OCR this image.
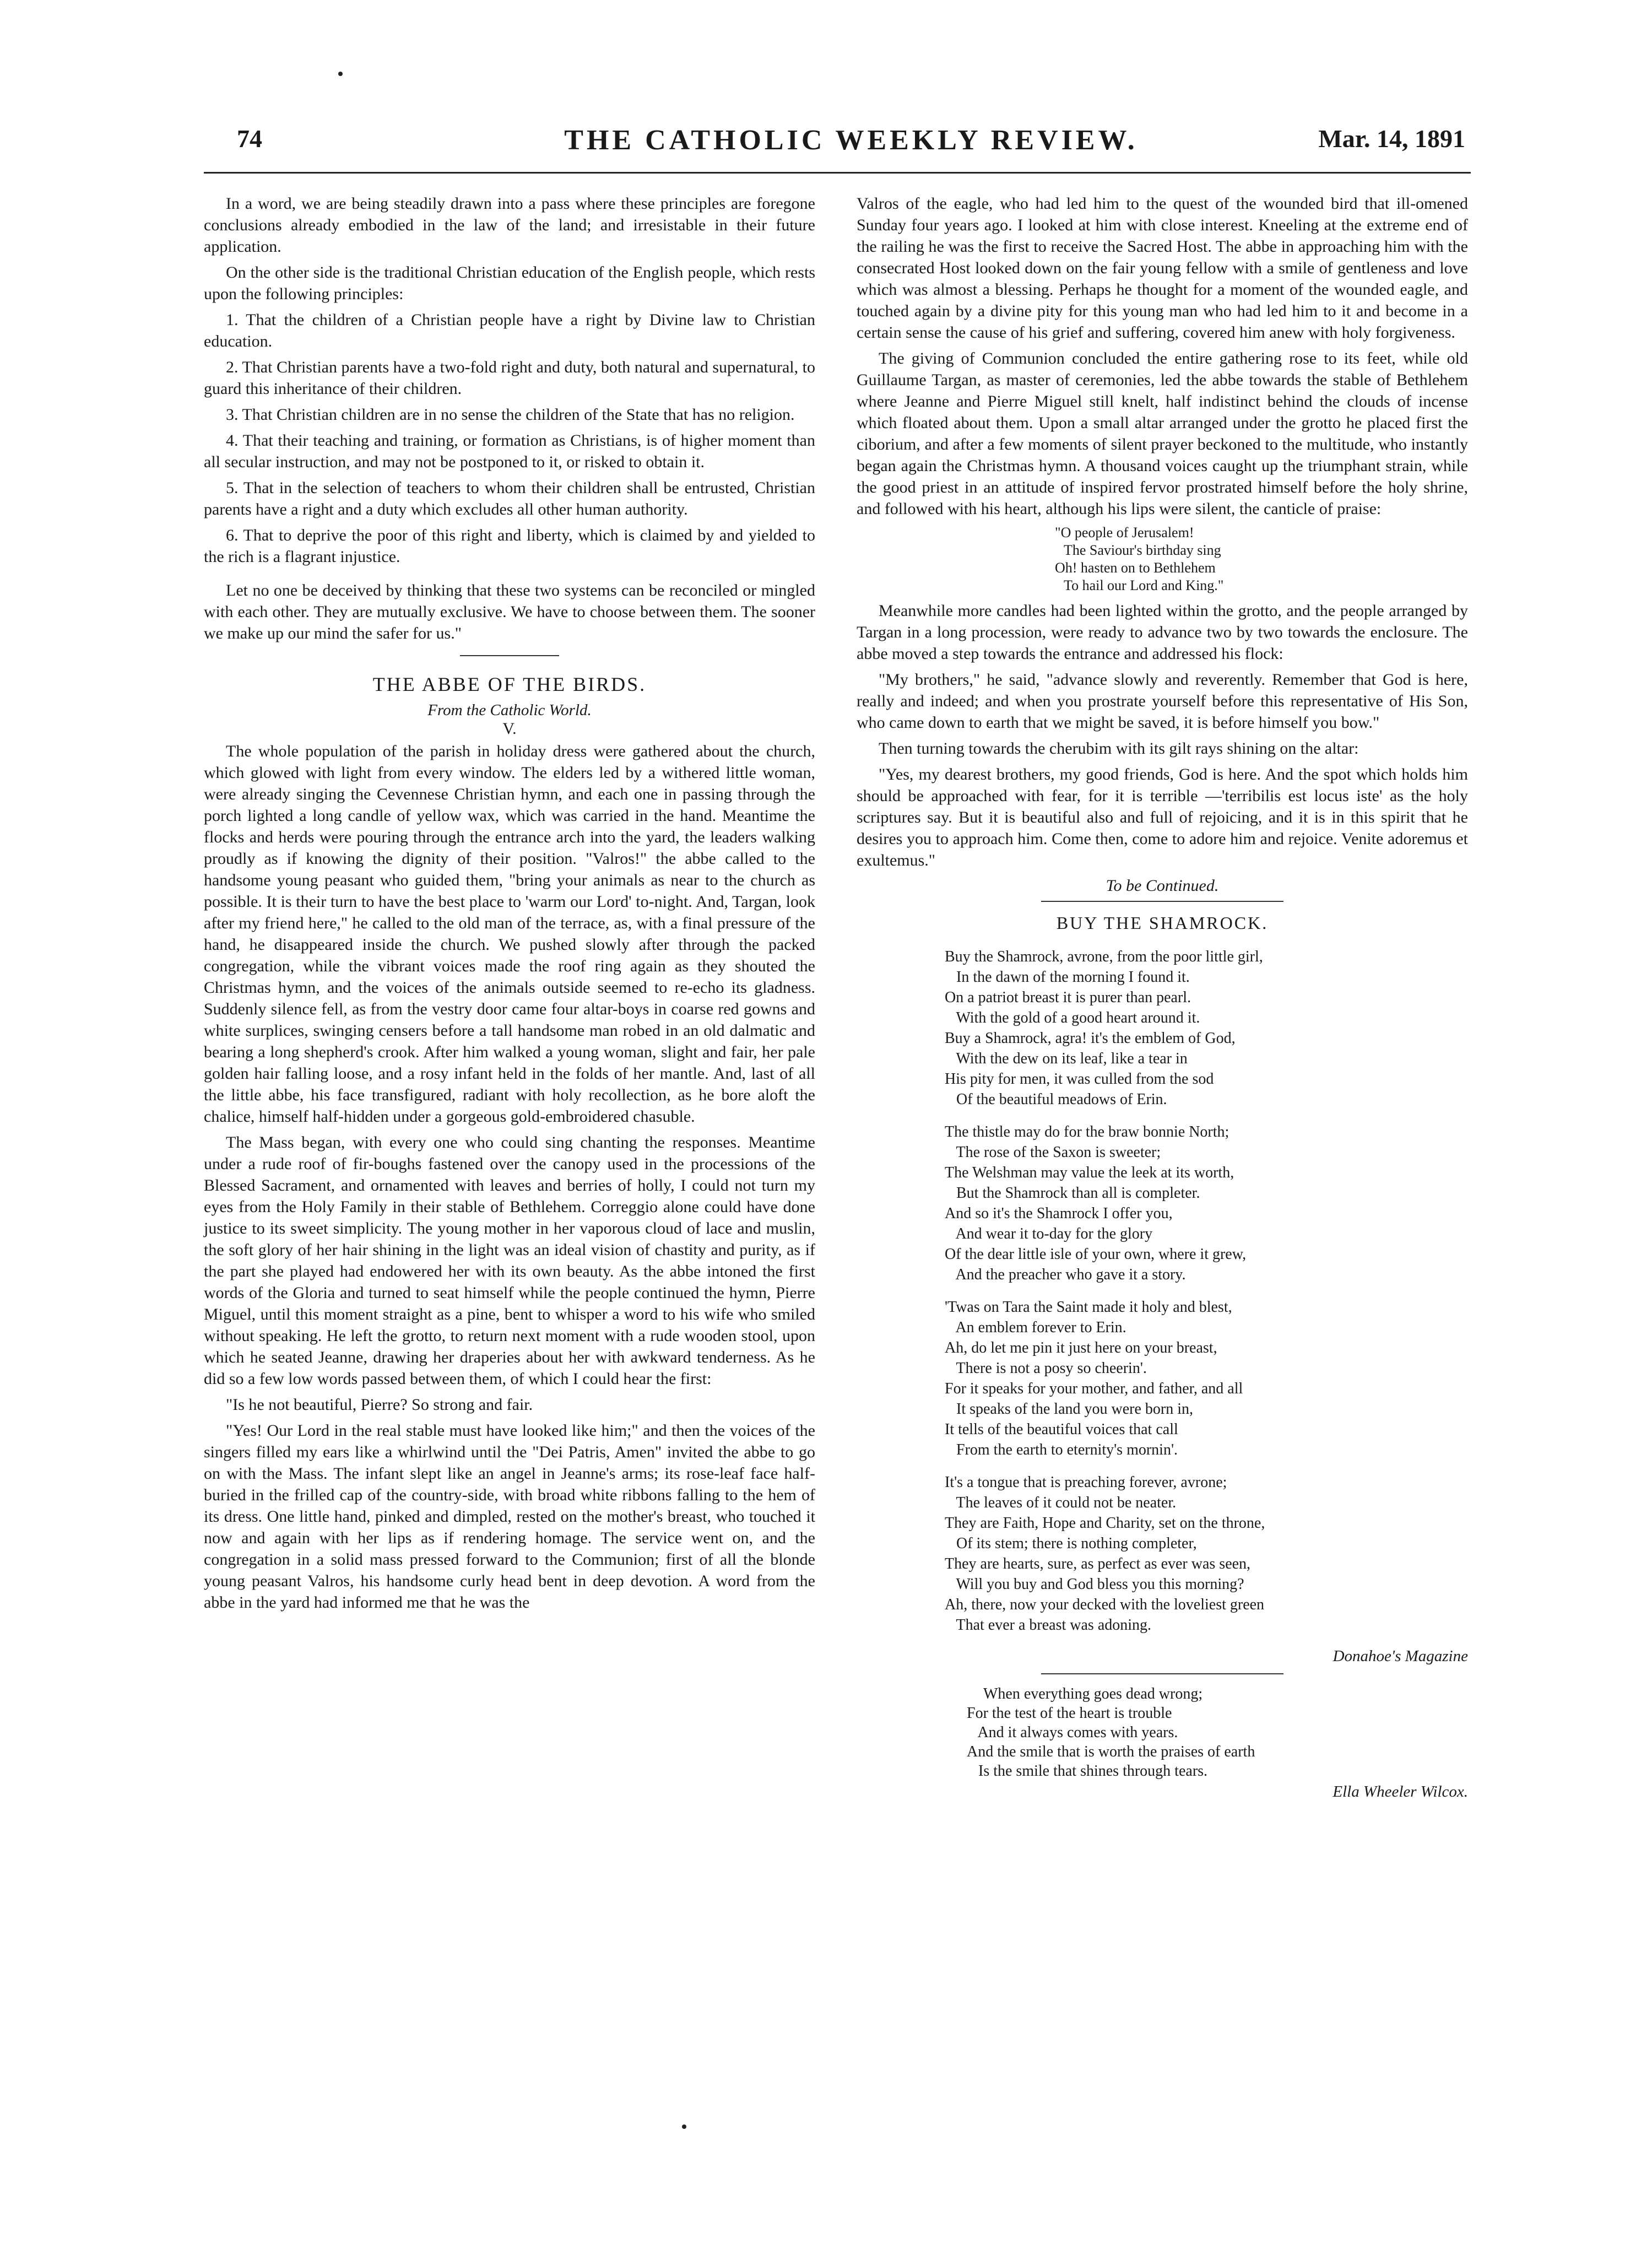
74	THE CATHOLIC WEEKLY REVIEW.	Mar. 14, 1891

In a word, we are being steadily drawn into a pass where these principles are foregone conclusions already embodied in the law of the land; and irresistable in their future application.

On the other side is the traditional Christian education of the English people, which rests upon the following principles:

1. That the children of a Christian people have a right by Divine law to Christian education.

2. That Christian parents have a two-fold right and duty, both natural and supernatural, to guard this inheritance of their children.

3. That Christian children are in no sense the children of the State that has no religion.

4. That their teaching and training, or formation as Christians, is of higher moment than all secular instruction, and may not be postponed to it, or risked to obtain it.

5. That in the selection of teachers to whom their children shall be entrusted, Christian parents have a right and a duty which excludes all other human authority.

6. That to deprive the poor of this right and liberty, which is claimed by and yielded to the rich is a flagrant injustice.

Let no one be deceived by thinking that these two systems can be reconciled or mingled with each other. They are mutually exclusive. We have to choose between them. The sooner we make up our mind the safer for us."

THE ABBE OF THE BIRDS.
From the Catholic World.
V.

The whole population of the parish in holiday dress were gathered about the church, which glowed with light from every window. The elders led by a withered little woman, were already singing the Cevennese Christian hymn, and each one in passing through the porch lighted a long candle of yellow wax, which was carried in the hand. Meantime the flocks and herds were pouring through the entrance arch into the yard, the leaders walking proudly as if knowing the dignity of their position. "Valros!" the abbe called to the handsome young peasant who guided them, "bring your animals as near to the church as possible. It is their turn to have the best place to 'warm our Lord' to-night. And, Targan, look after my friend here," he called to the old man of the terrace, as, with a final pressure of the hand, he disappeared inside the church. We pushed slowly after through the packed congregation, while the vibrant voices made the roof ring again as they shouted the Christmas hymn, and the voices of the animals outside seemed to re-echo its gladness. Suddenly silence fell, as from the vestry door came four altar-boys in coarse red gowns and white surplices, swinging censers before a tall handsome man robed in an old dalmatic and bearing a long shepherd's crook. After him walked a young woman, slight and fair, her pale golden hair falling loose, and a rosy infant held in the folds of her mantle. And, last of all the little abbe, his face transfigured, radiant with holy recollection, as he bore aloft the chalice, himself half-hidden under a gorgeous gold-embroidered chasuble.

The Mass began, with every one who could sing chanting the responses. Meantime under a rude roof of fir-boughs fastened over the canopy used in the processions of the Blessed Sacrament, and ornamented with leaves and berries of holly, I could not turn my eyes from the Holy Family in their stable of Bethlehem. Correggio alone could have done justice to its sweet simplicity. The young mother in her vaporous cloud of lace and muslin, the soft glory of her hair shining in the light was an ideal vision of chastity and purity, as if the part she played had endowered her with its own beauty. As the abbe intoned the first words of the Gloria and turned to seat himself while the people continued the hymn, Pierre Miguel, until this moment straight as a pine, bent to whisper a word to his wife who smiled without speaking. He left the grotto, to return next moment with a rude wooden stool, upon which he seated Jeanne, drawing her draperies about her with awkward tenderness. As he did so a few low words passed between them, of which I could hear the first:

"Is he not beautiful, Pierre? So strong and fair.

"Yes! Our Lord in the real stable must have looked like him;" and then the voices of the singers filled my ears like a whirlwind until the "Dei Patris, Amen" invited the abbe to go on with the Mass. The infant slept like an angel in Jeanne's arms; its rose-leaf face half-buried in the frilled cap of the country-side, with broad white ribbons falling to the hem of its dress. One little hand, pinked and dimpled, rested on the mother's breast, who touched it now and again with her lips as if rendering homage. The service went on, and the congregation in a solid mass pressed forward to the Communion; first of all the blonde young peasant Valros, his handsome curly head bent in deep devotion. A word from the abbe in the yard had informed me that he was the

Valros of the eagle, who had led him to the quest of the wounded bird that ill-omened Sunday four years ago. I looked at him with close interest. Kneeling at the extreme end of the railing he was the first to receive the Sacred Host. The abbe in approaching him with the consecrated Host looked down on the fair young fellow with a smile of gentleness and love which was almost a blessing. Perhaps he thought for a moment of the wounded eagle, and touched again by a divine pity for this young man who had led him to it and become in a certain sense the cause of his grief and suffering, covered him anew with holy forgiveness.

The giving of Communion concluded the entire gathering rose to its feet, while old Guillaume Targan, as master of ceremonies, led the abbe towards the stable of Bethlehem where Jeanne and Pierre Miguel still knelt, half indistinct behind the clouds of incense which floated about them. Upon a small altar arranged under the grotto he placed first the ciborium, and after a few moments of silent prayer beckoned to the multitude, who instantly began again the Christmas hymn. A thousand voices caught up the triumphant strain, while the good priest in an attitude of inspired fervor prostrated himself before the holy shrine, and followed with his heart, although his lips were silent, the canticle of praise:

"O people of Jerusalem!
The Saviour's birthday sing
Oh! hasten on to Bethlehem
To hail our Lord and King."

Meanwhile more candles had been lighted within the grotto, and the people arranged by Targan in a long procession, were ready to advance two by two towards the enclosure. The abbe moved a step towards the entrance and addressed his flock:

"My brothers," he said, "advance slowly and reverently. Remember that God is here, really and indeed; and when you prostrate yourself before this representative of His Son, who came down to earth that we might be saved, it is before himself you bow."

Then turning towards the cherubim with its gilt rays shining on the altar:

"Yes, my dearest brothers, my good friends, God is here. And the spot which holds him should be approached with fear, for it is terrible —'terribilis est locus iste' as the holy scriptures say. But it is beautiful also and full of rejoicing, and it is in this spirit that he desires you to approach him. Come then, come to adore him and rejoice. Venite adoremus et exultemus."

To be Continued.
BUY THE SHAMROCK.
Buy the Shamrock, avrone, from the poor little girl,
In the dawn of the morning I found it.
On a patriot breast it is purer than pearl.
With the gold of a good heart around it.
Buy a Shamrock, agra! it's the emblem of God,
With the dew on its leaf, like a tear in
His pity for men, it was culled from the sod
Of the beautiful meadows of Erin.
The thistle may do for the braw bonnie North;
The rose of the Saxon is sweeter;
The Welshman may value the leek at its worth,
But the Shamrock than all is completer.
And so it's the Shamrock I offer you,
And wear it to-day for the glory
Of the dear little isle of your own, where it grew,
And the preacher who gave it a story.
'Twas on Tara the Saint made it holy and blest,
An emblem forever to Erin.
Ah, do let me pin it just here on your breast,
There is not a posy so cheerin'.
For it speaks for your mother, and father, and all
It speaks of the land you were born in,
It tells of the beautiful voices that call
From the earth to eternity's mornin'.
It's a tongue that is preaching forever, avrone;
The leaves of it could not be neater.
They are Faith, Hope and Charity, set on the throne,
Of its stem; there is nothing completer,
They are hearts, sure, as perfect as ever was seen,
Will you buy and God bless you this morning?
Ah, there, now your decked with the loveliest green
That ever a breast was adoning.
Donahoe's Magazine
When everything goes dead wrong;
For the test of the heart is trouble
And it always comes with years.
And the smile that is worth the praises of earth
Is the smile that shines through tears.
Ella Wheeler Wilcox.
